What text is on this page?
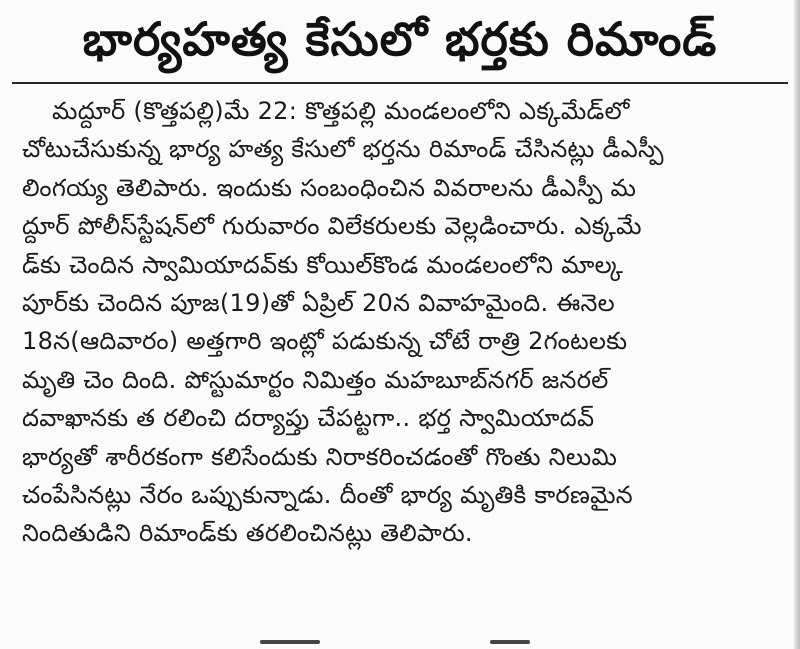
భార్యహత్య కేసులో భర్తకు రిమాండ్
మద్దూర్ (కొత్తపల్లి)మే 22: కొత్తపల్లి మండలంలోని ఎక్కమేడ్‌లో
చోటుచేసుకున్న భార్య హత్య కేసులో భర్తను రిమాండ్ చేసినట్లు డీఎస్పీ
లింగయ్య తెలిపారు. ఇందుకు సంబంధించిన వివరాలను డీఎస్పీ మ
ద్దూర్ పోలీస్‌స్టేషన్‌లో గురువారం విలేకరులకు వెల్లడించారు. ఎక్కమే
డ్‌కు చెందిన స్వామియాదవ్‌కు కోయిల్‌కొండ మండలంలోని మాల్క
పూర్‌కు చెందిన పూజ(19)తో ఏప్రిల్ 20న వివాహమైంది. ఈనెల
18న(ఆదివారం) అత్తగారి ఇంట్లో పడుకున్న చోటే రాత్రి 2గంటలకు
మృతి చెం దింది. పోస్టుమార్టం నిమిత్తం మహబూబ్‌నగర్ జనరల్
దవాఖానకు త రలించి దర్యాప్తు చేపట్టగా.. భర్త స్వామియాదవ్
భార్యతో శారీరకంగా కలిసేందుకు నిరాకరించడంతో గొంతు నిలుమి
చంపేసినట్లు నేరం ఒప్పుకున్నాడు. దీంతో భార్య మృతికి కారణమైన
నిందితుడిని రిమాండ్‌కు తరలించినట్లు తెలిపారు.
